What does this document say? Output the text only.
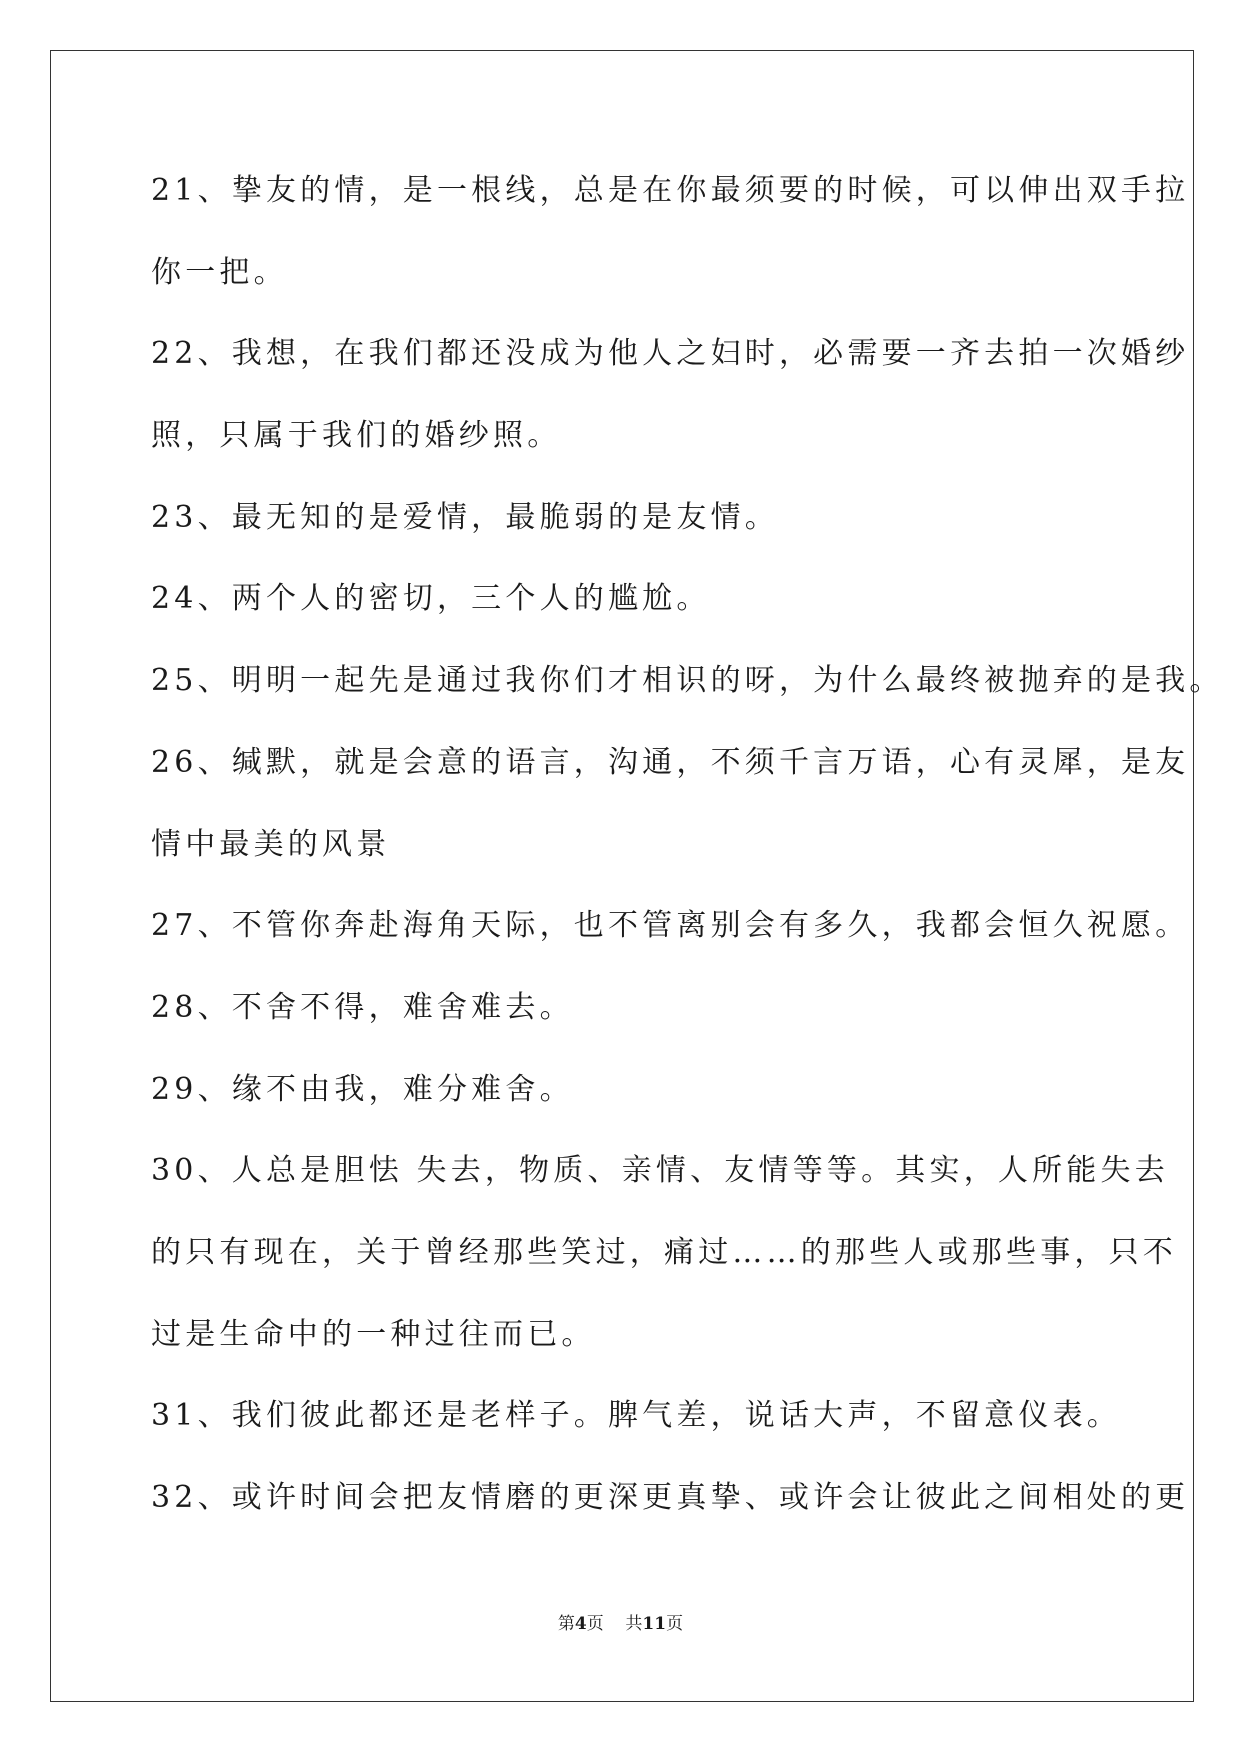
21、挚友的情，是一根线，总是在你最须要的时候，可以伸出双手拉

你一把。

22、我想，在我们都还没成为他人之妇时，必需要一齐去拍一次婚纱

照，只属于我们的婚纱照。

23、最无知的是爱情，最脆弱的是友情。

24、两个人的密切，三个人的尴尬。

25、明明一起先是通过我你们才相识的呀，为什么最终被抛弃的是我。

26、缄默，就是会意的语言，沟通，不须千言万语，心有灵犀，是友

情中最美的风景

27、不管你奔赴海角天际，也不管离别会有多久，我都会恒久祝愿。

28、不舍不得，难舍难去。

29、缘不由我，难分难舍。

30、人总是胆怯 失去，物质、亲情、友情等等。其实，人所能失去

的只有现在，关于曾经那些笑过，痛过……的那些人或那些事，只不

过是生命中的一种过往而已。

31、我们彼此都还是老样子。脾气差，说话大声，不留意仪表。

32、或许时间会把友情磨的更深更真挚、或许会让彼此之间相处的更

第4页 共11页
